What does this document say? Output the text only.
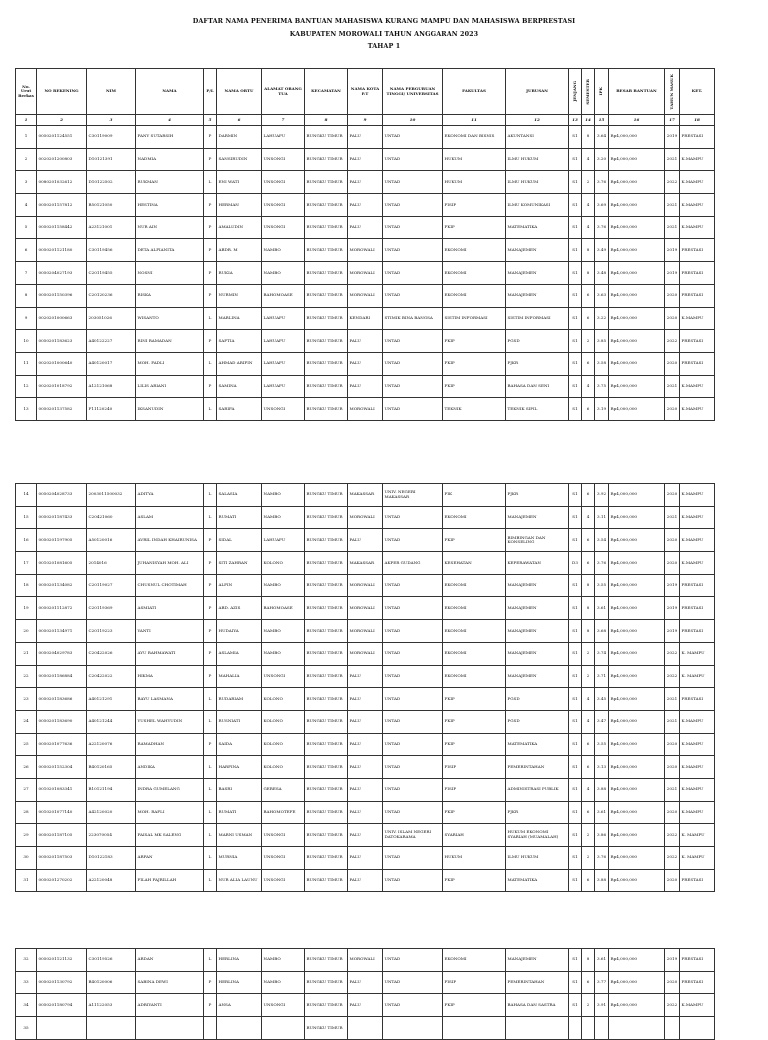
DAFTAR NAMA PENERIMA BANTUAN MAHASISWA KURANG MAMPU DAN MAHASISWA BERPRESTASI
KABUPATEN MOROWALI TAHUN ANGGARAN 2023
TAHAP 1
No. Urut Berkas	NO REKENING	NIM	NAMA	P/L	NAMA ORTU	ALAMAT ORANG TUA	KECAMATAN	NAMA KOTA P.T	NAMA PERGURUAN TINGGI/ UNIVERSITAS	FAKULTAS	JURUSAN	JENJANG	SEMESTER	IPK	BESAR BANTUAN	TAHUN MASUK	KET.
1	2	3	4	5	6	7	8	9	10	11	12	13	14	15	16	17	18
1	0050201124551	C30119009	FANY SUTARSIH	P	DARMIN	LAHUAFU	BUNGKU TIMUR	PALU	UNTAD	EKONOMI DAN BISNIS	AKUNTANSI	S1	8	3.64	Rp4,000,000	2019	PRESTASI
2	0020201200803	D10121391	NADMIA	P	SANSIRUDIN	UNSONGI	BUNGKU TIMUR	PALU	UNTAD	HUKUM	ILMU HUKUM	S1	4	3.20	Rp4,000,000	2021	K.MAMPU
3	0080201032612	D10122502	RUKMAN	L	ENI WATI	UNSONGI	BUNGKU TIMUR	PALU	UNTAD	HUKUM	ILMU HUKUM	S1	2	3.76	Rp4,000,000	2022	K.MAMPU
4	0050201157812	B50121050	HESTINA	P	HERMAN	UNSONGI	BUNGKU TIMUR	PALU	UNTAD	FISIP	ILMU KOMUNIKASI	S1	4	3.69	Rp4,000,000	2021	K.MAMPU
5	0050201158442	A23121001	NUR AIN	P	AMALUDIN	UNSONGI	BUNGKU TIMUR	PALU	UNTAD	FKIP	MATEMATIKA	S1	4	3.76	Rp4,000,000	2021	K.MAMPU
6	0050201121180	C30119456	DETA ALFIANITA	P	ABDR. M	NAMBO	BUNGKU TIMUR	MOROWALI	UNTAD	EKONOMI	MANAJEMEN	S1	8	3.49	Rp4,000,000	2019	PRESTASI
7	0050204027193	C20119455	NOSNI	P	RUKIA	NAMBO	BUNGKU TIMUR	MOROWALI	UNTAD	EKONOMI	MANAJEMEN	S1	8	3.48	Rp4,000,000	2019	PRESTASI
8	0050201150396	C20120236	RISKA	P	NURMIN	BAHOMOASE	BUNGKU TIMUR	MOROWALI	UNTAD	EKONOMI	MANAJEMEN	S1	6	3.63	Rp4,000,000	2020	PRESTASI
9	0020201000663	203051026	WISANTO	L	MARLINA	LAHUAFU	BUNGKU TIMUR	KENDARI	STIMIK BINA BANGSA	SISTIM INFORMASI	SISTIM INFORMASI	S1	6	3.22	Rp4,000,000	2020	K.MAMPU
10	0050201183623	A40122227	RINI RAMADAN	P	SAFTIA	LAHUAFU	BUNGKU TIMUR	PALU	UNTAD	FKIP	PGSD	S1	2	3.85	Rp4,000,000	2022	PRESTASI
11	0020201000640	A40120017	MOH. FADLI	L	AHMAD ARIFIN	LAHUAFU	BUNGKU TIMUR	PALU	UNTAD	FKIP	PJKR	S1	6	3.58	Rp4,000,000	2020	PRESTASI
12	0020201018792	A12121068	LILIS ARIANI	P	SAMINA	LAHUAFU	BUNGKU TIMUR	PALU	UNTAD	FKIP	BAHASA DAN SENI	S1	4	3.75	Rp4,000,000	2021	K.MAMPU
13	0050201137582	F11120240	IKSANUDIN	L	SARIFA	UNSONGI	BUNGKU TIMUR	MOROWALI	UNTAD	TEKNIK	TEKNIK SIPIL	S1	6	3.19	Rp4,000,000	2020	K.MAMPU
14	0050204028733	2003011500032	ADITYA	L	SALASIA	NAMBO	BUNGKU TIMUR	MAKASSAR	UNIV. NEGERI MAKASSAR	FIK	PJKR	S1	6	3.92	Rp4,000,000	2020	K.MAMPU
15	0050201187433	C20421060	ASLAM	L	RUMATI	NAMBO	BUNGKU TIMUR	MOROWALI	UNTAD	EKONOMI	MANAJEMEN	S1	4	3.11	Rp4,000,000	2021	K.MAMPU
16	0050201197905	A50120016	AVRIL INDAH KHAIRUNISA	P	SIDAL	LAHUAFU	BUNGKU TIMUR	PALU	UNTAD	FKIP	BIMBINGAN DAN KONSELING	S1	6	3.54	Rp4,000,000	2020	K.MAMPU
17	0010201081605	2014016	JUHANISYAH MOH. ALI	P	SITI ZAHRAN	KOLONO	BUNGKU TIMUR	MAKASSAR	AKPER GUDANG	KESEHATAN	KEPERAWATAN	D3	6	3.76	Rp4,000,000	2020	K.MAMPU
18	0050201134082	C20119027	CHUSNUL CHOTIMAH	P	ALFIN	NAMBO	BUNGKU TIMUR	MOROWALI	UNTAD	EKONOMI	MANAJEMEN	S1	8	3.55	Rp4,000,000	2019	PRESTASI
19	0050201112872	C20119369	ASMIATI	P	ABD. AZIS	BAHOMOASE	BUNGKU TIMUR	MOROWALI	UNTAD	EKONOMI	MANAJEMEN	S1	8	3.61	Rp4,000,000	2019	PRESTASI
20	0050201134971	C20119223	YANTI	P	HUDAIYA	NAMBO	BUNGKU TIMUR	MOROWALI	UNTAD	EKONOMI	MANAJEMEN	S1	8	3.68	Rp4,000,000	2019	PRESTASI
21	0050204029783	C20422026	AYU RAHMAWATI	P	ASLAMIA	NAMBO	BUNGKU TIMUR	MOROWALI	UNTAD	EKONOMI	MANAJEMEN	S1	2	3.74	Rp4,000,000	2022	K. MAMPU
22	0050201186884	C20422022	HIKMA	P	MAHALIA	UNSONGI	BUNGKU TIMUR	PALU	UNTAD	EKONOMI	MANAJEMEN	S1	2	3.71	Rp4,000,000	2022	K. MAMPU
23	0050201183686	A40121291	BAYU LASMANA	L	RUDARIAM	KOLONO	BUNGKU TIMUR	PALU	UNTAD	FKIP	PGSD	S1	4	3.45	Rp4,000,000	2021	PRESTASI
24	0050201183690	A40121244	YUSHEL WAHYUDIN	L	RUSNIATI	KOLONO	BUNGKU TIMUR	PALU	UNTAD	FKIP	PGSD	S1	4	3.47	Rp4,000,000	2021	K.MAMPU
25	0050201077636	A22120076	RAMADHAN	P	SAIDA	KOLONO	BUNGKU TIMUR	PALU	UNTAD	FKIP	MATEMATIKA	S1	6	3.55	Rp4,000,000	2020	K.MAMPU
26	0050201152304	B40120165	ANDIKA	L	HARFINA	KOLONO	BUNGKU TIMUR	PALU	UNTAD	FISIP	PEMERINTAHAN	S1	6	3.13	Rp4,000,000	2020	K.MAMPU
27	0010201083341	B10121194	INDRA GUMELANG	L	BASRI	GERESA	BUNGKU TIMUR	PALU	UNTAD	FISIP	ADMINISTRASI PUBLIK	S1	4	3.88	Rp4,000,000	2021	K.MAMPU
28	0010201077140	A42120020	MOH. RAFLI	L	RUMATI	BAHOMOTEFE	BUNGKU TIMUR	PALU	UNTAD	FKIP	PJKR	S1	6	3.61	Rp4,000,000	2020	K.MAMPU
29	0050201187105	223070054	FAISAL MK SALENG	L	MARNI USMAN	UNSONGI	BUNGKU TIMUR	PALU	UNIV. ISLAM NEGERI DATOKARAMA	SYARIAH	HUKUM EKONOMI SYARIAH (MUAMALAH)	S1	2	3.86	Rp4,000,000	2022	K. MAMPU
30	0050201187503	D10122183	ARFAN	L	MURNIA	UNSONGI	BUNGKU TIMUR	PALU	UNTAD	HUKUM	ILMU HUKUM	S1	2	3.76	Rp4,000,000	2022	K. MAMPU
31	0050201270202	A22120048	FILAH FAJRILLAH	L	NUR ALIA LAUNU	UNSONGI	BUNGKU TIMUR	PALU	UNTAD	FKIP	MATEMATIKA	S1	6	3.88	Rp4,000,000	2020	PRESTASI
32	0050201121132	C30119526	ARDAN	L	HERLINA	NAMBO	BUNGKU TIMUR	MOROWALI	UNTAD	EKONOMI	MANAJEMEN	S1	8	3.61	Rp4,000,000	2019	PRESTASI
33	0050201130792	B40120006	SABINA DEWI	P	HERLINA	NAMBO	BUNGKU TIMUR	PALU	UNTAD	FISIP	PEMERINTAHAN	S1	6	3.77	Rp4,000,000	2020	PRESTASI
34	0050201180794	A11122053	ADRIYANTI	P	ANSA	UNSONGI	BUNGKU TIMUR	PALU	UNTAD	FKIP	BAHASA DAN SASTRA	S1	2	3.91	Rp4,000,000	2022	K.MAMPU
35							BUNGKU TIMUR										
